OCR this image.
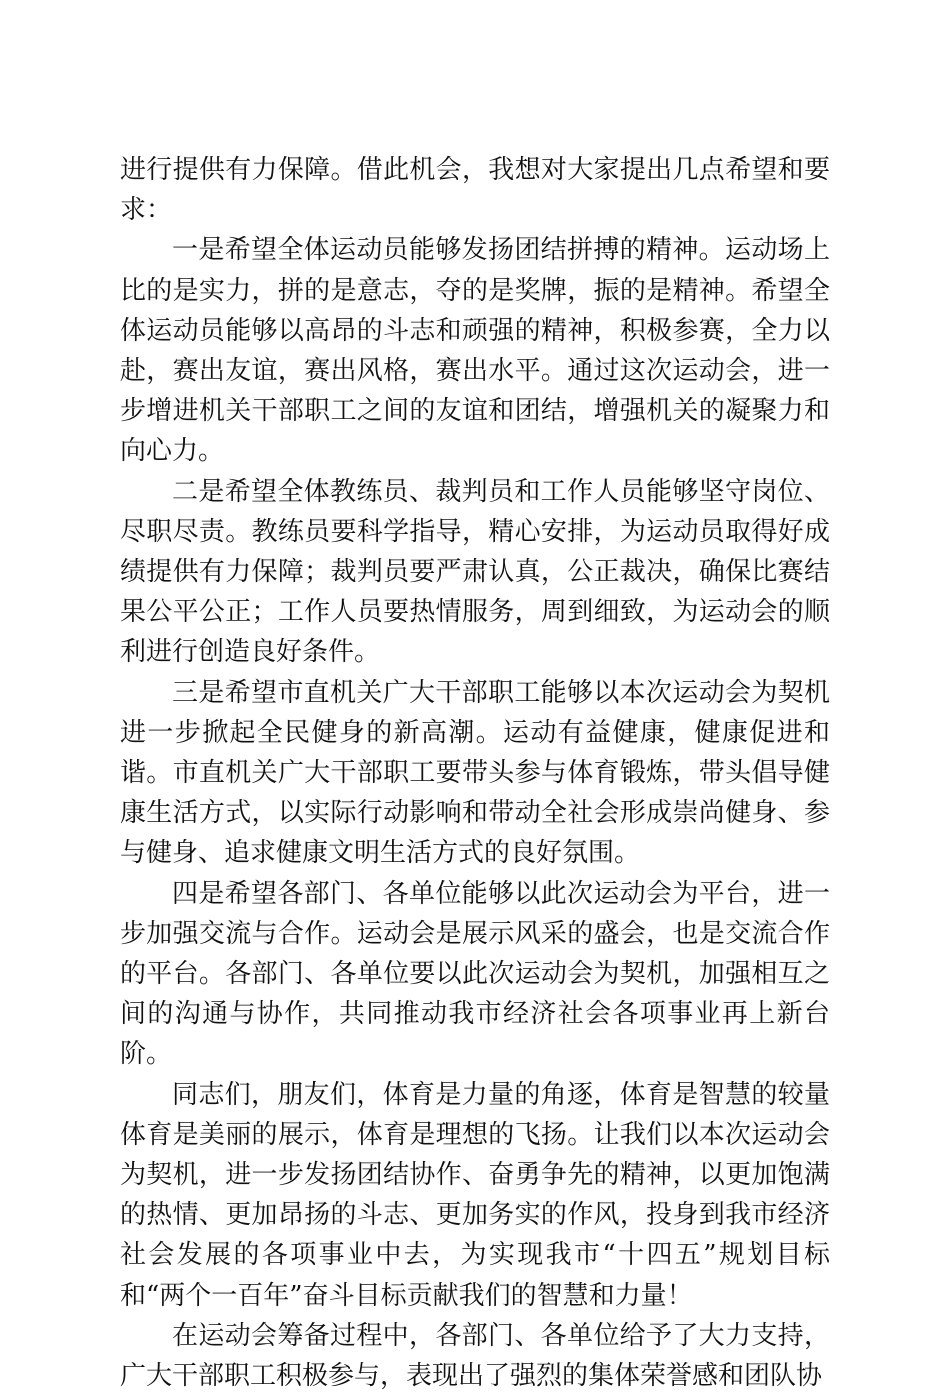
进行提供有力保障。借此机会，我想对大家提出几点希望和要求：

一是希望全体运动员能够发扬团结拼搏的精神。运动场上比的是实力，拼的是意志，夺的是奖牌，振的是精神。希望全体运动员能够以高昂的斗志和顽强的精神，积极参赛，全力以赴，赛出友谊，赛出风格，赛出水平。通过这次运动会，进一步增进机关干部职工之间的友谊和团结，增强机关的凝聚力和向心力。

二是希望全体教练员、裁判员和工作人员能够坚守岗位、尽职尽责。教练员要科学指导，精心安排，为运动员取得好成绩提供有力保障；裁判员要严肃认真，公正裁决，确保比赛结果公平公正；工作人员要热情服务，周到细致，为运动会的顺利进行创造良好条件。

三是希望市直机关广大干部职工能够以本次运动会为契机进一步掀起全民健身的新高潮。运动有益健康，健康促进和谐。市直机关广大干部职工要带头参与体育锻炼，带头倡导健康生活方式，以实际行动影响和带动全社会形成崇尚健身、参与健身、追求健康文明生活方式的良好氛围。

四是希望各部门、各单位能够以此次运动会为平台，进一步加强交流与合作。运动会是展示风采的盛会，也是交流合作的平台。各部门、各单位要以此次运动会为契机，加强相互之间的沟通与协作，共同推动我市经济社会各项事业再上新台阶。

同志们，朋友们，体育是力量的角逐，体育是智慧的较量体育是美丽的展示，体育是理想的飞扬。让我们以本次运动会为契机，进一步发扬团结协作、奋勇争先的精神，以更加饱满的热情、更加昂扬的斗志、更加务实的作风，投身到我市经济社会发展的各项事业中去，为实现我市“十四五”规划目标和“两个一百年”奋斗目标贡献我们的智慧和力量！

在运动会筹备过程中，各部门、各单位给予了大力支持，广大干部职工积极参与，表现出了强烈的集体荣誉感和团队协
